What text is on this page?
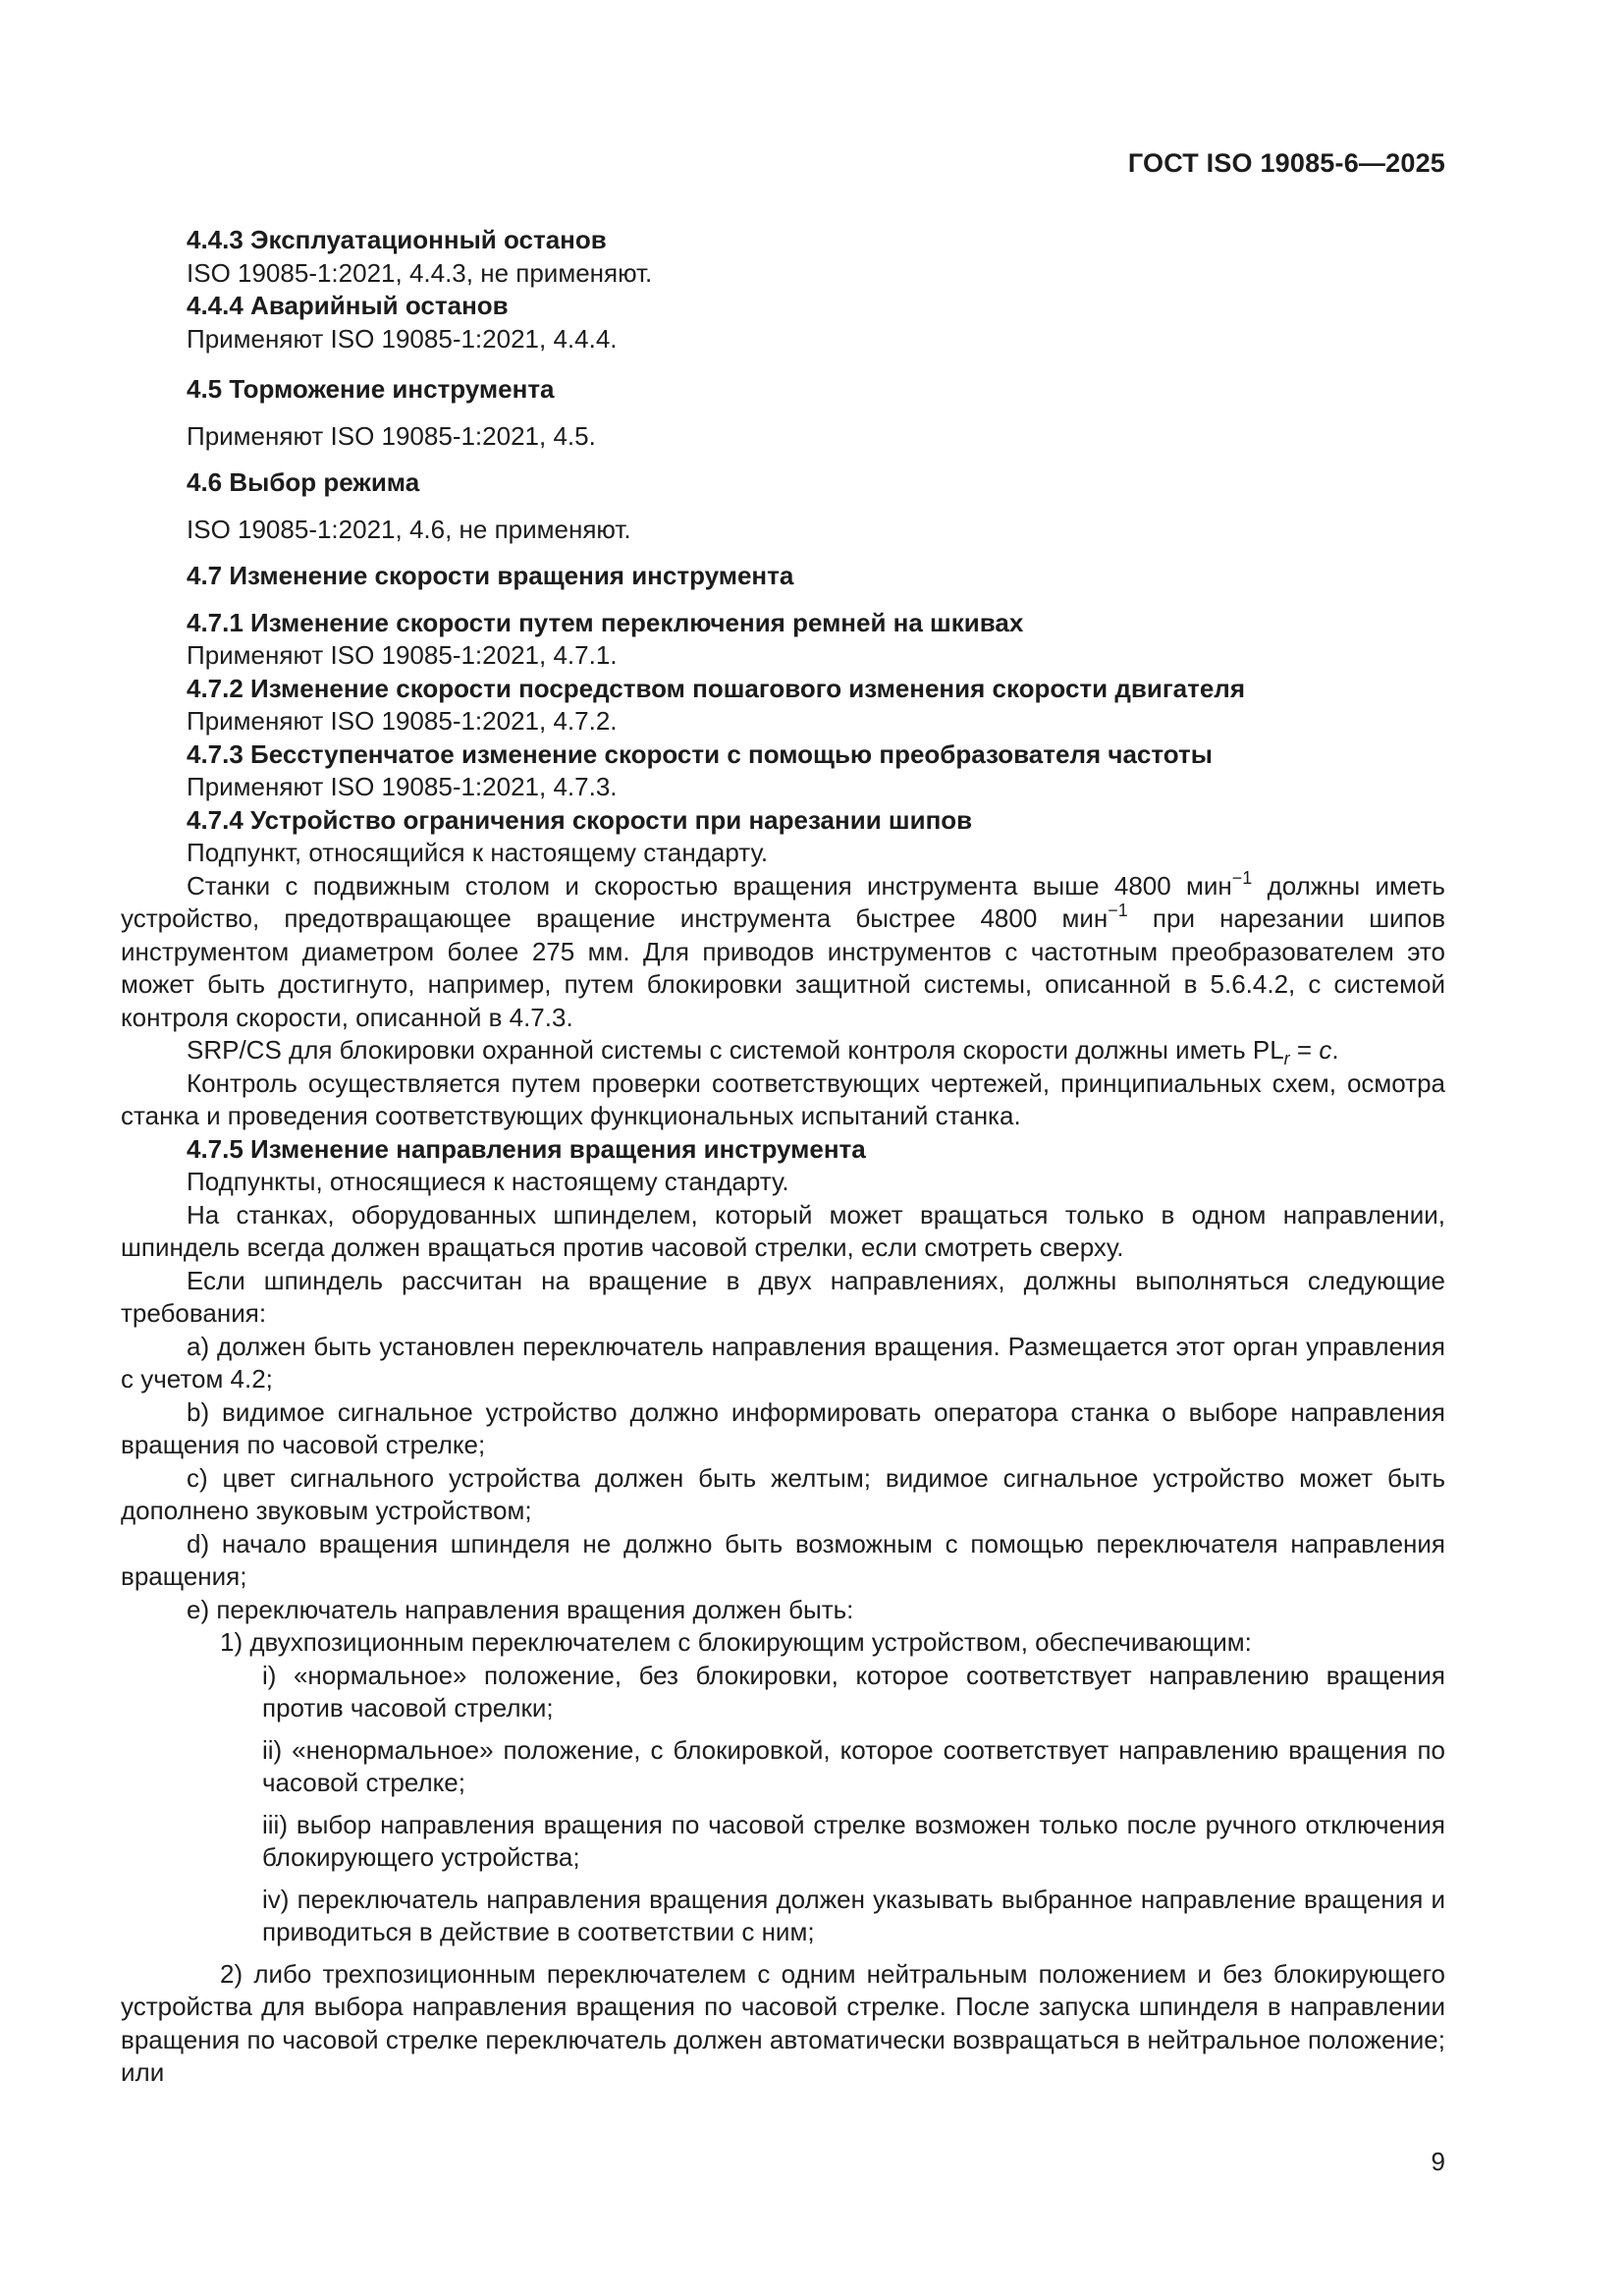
ГОСТ ISO 19085-6—2025

4.4.3 Эксплуатационный останов

ISO 19085-1:2021, 4.4.3, не применяют.

4.4.4 Аварийный останов

Применяют ISO 19085-1:2021, 4.4.4.

4.5 Торможение инструмента

Применяют ISO 19085-1:2021, 4.5.

4.6 Выбор режима

ISO 19085-1:2021, 4.6, не применяют.

4.7 Изменение скорости вращения инструмента

4.7.1 Изменение скорости путем переключения ремней на шкивах

Применяют ISO 19085-1:2021, 4.7.1.

4.7.2 Изменение скорости посредством пошагового изменения скорости двигателя

Применяют ISO 19085-1:2021, 4.7.2.

4.7.3 Бесступенчатое изменение скорости с помощью преобразователя частоты

Применяют ISO 19085-1:2021, 4.7.3.

4.7.4 Устройство ограничения скорости при нарезании шипов

Подпункт, относящийся к настоящему стандарту.

Станки с подвижным столом и скоростью вращения инструмента выше 4800 мин$^{-1}$ должны иметь устройство, предотвращающее вращение инструмента быстрее 4800 мин$^{-1}$ при нарезании шипов инструментом диаметром более 275 мм. Для приводов инструментов с частотным преобразователем это может быть достигнуто, например, путем блокировки защитной системы, описанной в 5.6.4.2, с системой контроля скорости, описанной в 4.7.3.

SRP/CS для блокировки охранной системы с системой контроля скорости должны иметь $PL_r = c$.

Контроль осуществляется путем проверки соответствующих чертежей, принципиальных схем, осмотра станка и проведения соответствующих функциональных испытаний станка.

4.7.5 Изменение направления вращения инструмента

Подпункты, относящиеся к настоящему стандарту.

На станках, оборудованных шпинделем, который может вращаться только в одном направлении, шпиндель всегда должен вращаться против часовой стрелки, если смотреть сверху.

Если шпиндель рассчитан на вращение в двух направлениях, должны выполняться следующие требования:

a) должен быть установлен переключатель направления вращения. Размещается этот орган управления с учетом 4.2;

b) видимое сигнальное устройство должно информировать оператора станка о выборе направления вращения по часовой стрелке;

c) цвет сигнального устройства должен быть желтым; видимое сигнальное устройство может быть дополнено звуковым устройством;

d) начало вращения шпинделя не должно быть возможным с помощью переключателя направления вращения;

e) переключатель направления вращения должен быть:

1) двухпозиционным переключателем с блокирующим устройством, обеспечивающим:

i) «нормальное» положение, без блокировки, которое соответствует направлению вращения против часовой стрелки;

ii) «ненормальное» положение, с блокировкой, которое соответствует направлению вращения по часовой стрелке;

iii) выбор направления вращения по часовой стрелке возможен только после ручного отключения блокирующего устройства;

iv) переключатель направления вращения должен указывать выбранное направление вращения и приводиться в действие в соответствии с ним;

2) либо трехпозиционным переключателем с одним нейтральным положением и без блокирующего устройства для выбора направления вращения по часовой стрелке. После запуска шпинделя в направлении вращения по часовой стрелке переключатель должен автоматически возвращаться в нейтральное положение; или

9
